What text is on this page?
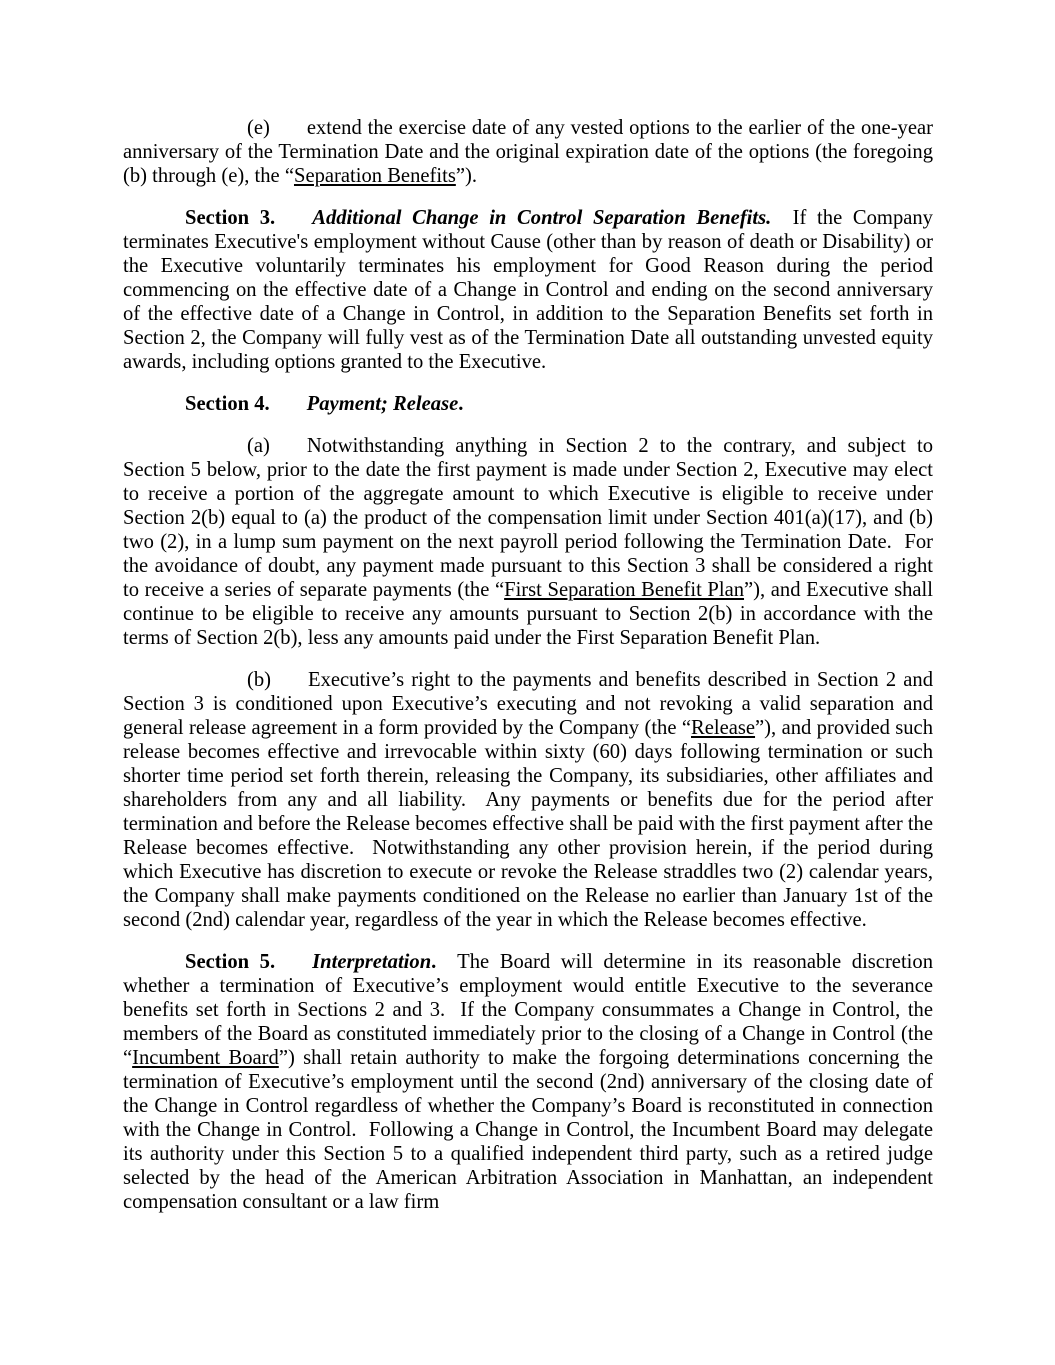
(e) extend the exercise date of any vested options to the earlier of the one-year anniversary of the Termination Date and the original expiration date of the options (the foregoing (b) through (e), the “Separation Benefits”).

Section 3. Additional Change in Control Separation Benefits.  If the Company terminates Executive's employment without Cause (other than by reason of death or Disability) or the Executive voluntarily terminates his employment for Good Reason during the period commencing on the effective date of a Change in Control and ending on the second anniversary of the effective date of a Change in Control, in addition to the Separation Benefits set forth in Section 2, the Company will fully vest as of the Termination Date all outstanding unvested equity awards, including options granted to the Executive.

Section 4. Payment; Release.

(a) Notwithstanding anything in Section 2 to the contrary, and subject to Section 5 below, prior to the date the first payment is made under Section 2, Executive may elect to receive a portion of the aggregate amount to which Executive is eligible to receive under Section 2(b) equal to (a) the product of the compensation limit under Section 401(a)(17), and (b) two (2), in a lump sum payment on the next payroll period following the Termination Date.  For the avoidance of doubt, any payment made pursuant to this Section 3 shall be considered a right to receive a series of separate payments (the “First Separation Benefit Plan”), and Executive shall continue to be eligible to receive any amounts pursuant to Section 2(b) in accordance with the terms of Section 2(b), less any amounts paid under the First Separation Benefit Plan.

(b) Executive’s right to the payments and benefits described in Section 2 and Section 3 is conditioned upon Executive’s executing and not revoking a valid separation and general release agreement in a form provided by the Company (the “Release”), and provided such release becomes effective and irrevocable within sixty (60) days following termination or such shorter time period set forth therein, releasing the Company, its subsidiaries, other affiliates and shareholders from any and all liability.  Any payments or benefits due for the period after termination and before the Release becomes effective shall be paid with the first payment after the Release becomes effective.  Notwithstanding any other provision herein, if the period during which Executive has discretion to execute or revoke the Release straddles two (2) calendar years, the Company shall make payments conditioned on the Release no earlier than January 1st of the second (2nd) calendar year, regardless of the year in which the Release becomes effective.

Section 5. Interpretation.  The Board will determine in its reasonable discretion whether a termination of Executive’s employment would entitle Executive to the severance benefits set forth in Sections 2 and 3.  If the Company consummates a Change in Control, the members of the Board as constituted immediately prior to the closing of a Change in Control (the “Incumbent Board”) shall retain authority to make the forgoing determinations concerning the termination of Executive’s employment until the second (2nd) anniversary of the closing date of the Change in Control regardless of whether the Company’s Board is reconstituted in connection with the Change in Control.  Following a Change in Control, the Incumbent Board may delegate its authority under this Section 5 to a qualified independent third party, such as a retired judge selected by the head of the American Arbitration Association in Manhattan, an independent compensation consultant or a law firm
